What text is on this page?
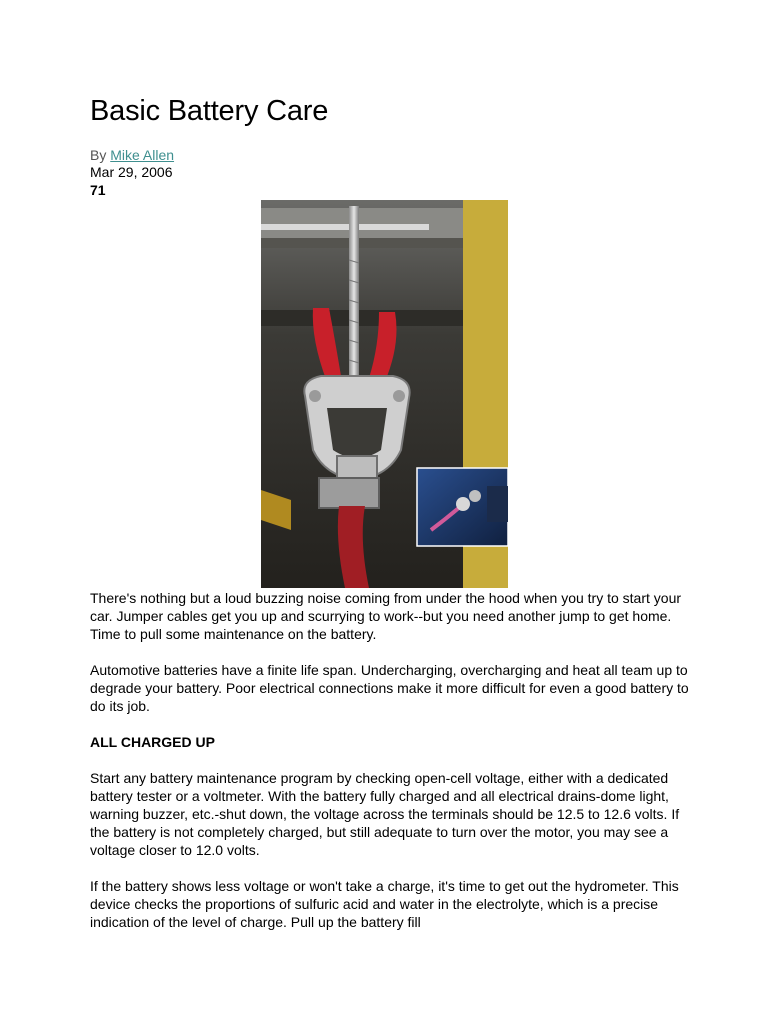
Basic Battery Care
By Mike Allen
Mar 29, 2006
71

There's nothing but a loud buzzing noise coming from under the hood when you try to start your car. Jumper cables get you up and scurrying to work--but you need another jump to get home. Time to pull some maintenance on the battery.

Automotive batteries have a finite life span. Undercharging, overcharging and heat all team up to degrade your battery. Poor electrical connections make it more difficult for even a good battery to do its job.

ALL CHARGED UP

Start any battery maintenance program by checking open-cell voltage, either with a dedicated battery tester or a voltmeter. With the battery fully charged and all electrical drains-dome light, warning buzzer, etc.-shut down, the voltage across the terminals should be 12.5 to 12.6 volts. If the battery is not completely charged, but still adequate to turn over the motor, you may see a voltage closer to 12.0 volts.

If the battery shows less voltage or won't take a charge, it's time to get out the hydrometer. This device checks the proportions of sulfuric acid and water in the electrolyte, which is a precise indication of the level of charge. Pull up the battery fill
